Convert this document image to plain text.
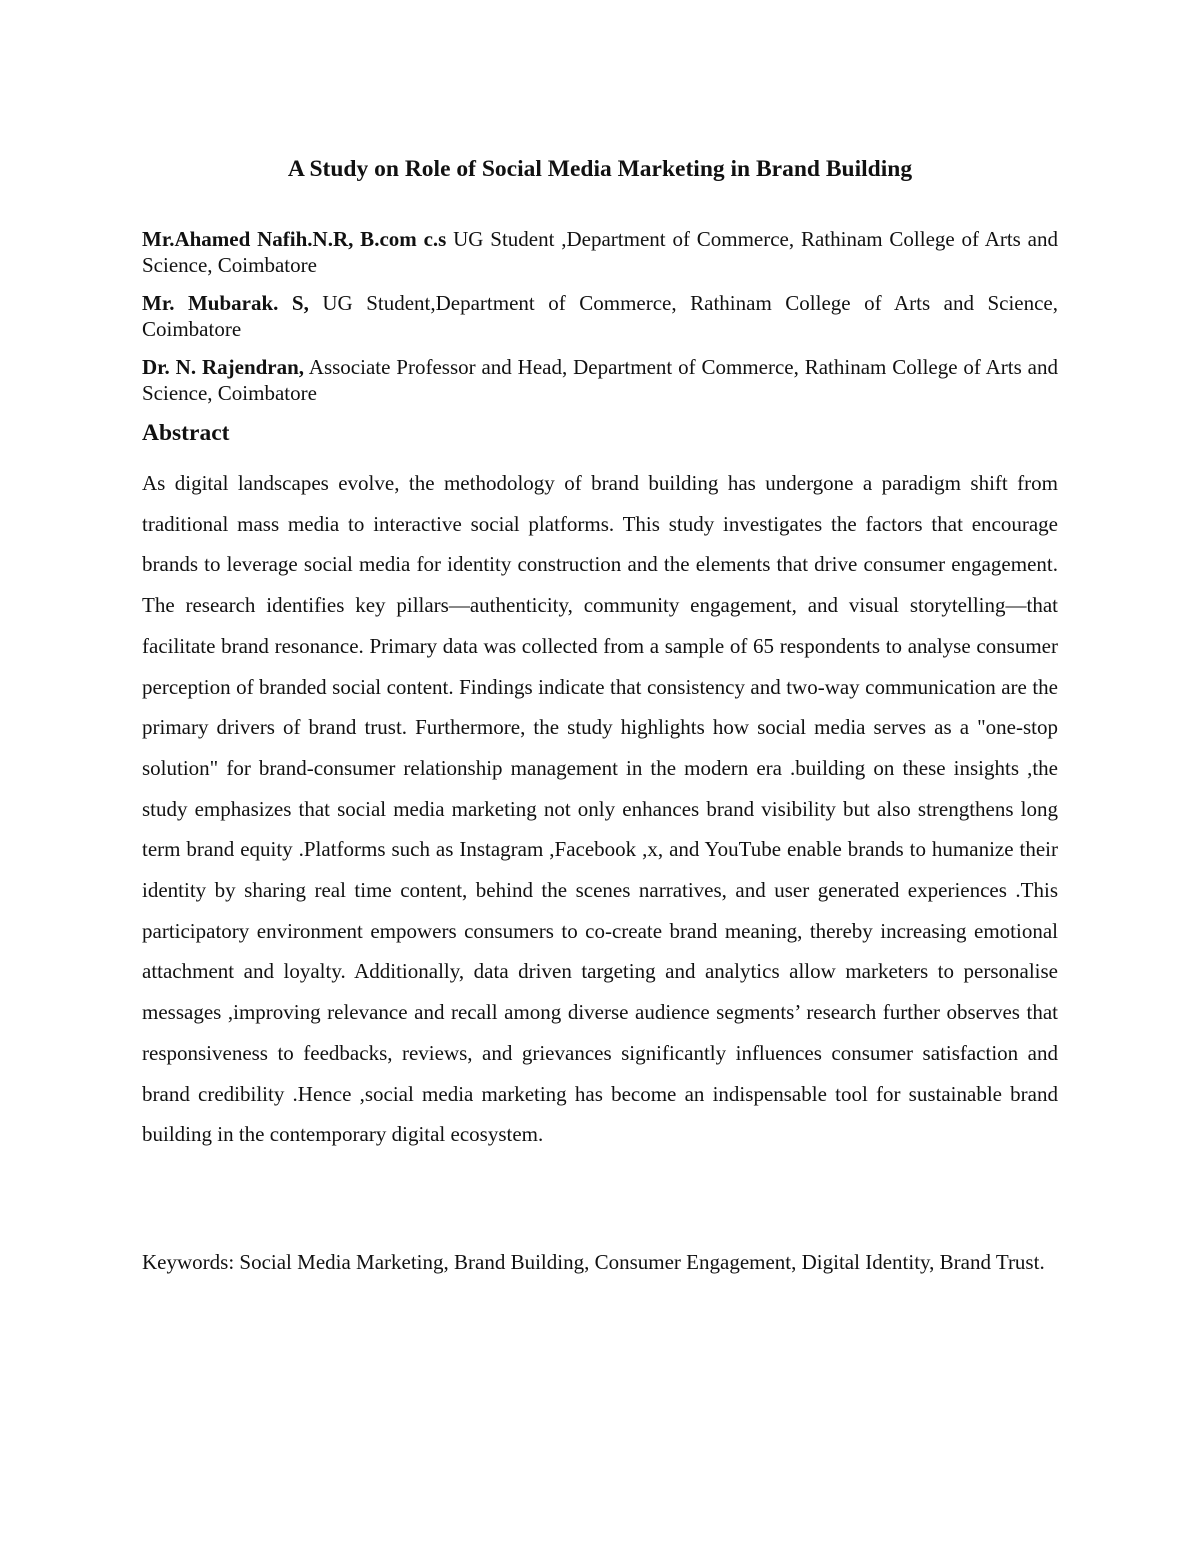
A Study on Role of Social Media Marketing in Brand Building

Mr.Ahamed Nafih.N.R, B.com c.s UG Student ,Department of Commerce, Rathinam College of Arts and Science, Coimbatore

Mr. Mubarak. S, UG Student,Department of Commerce, Rathinam College of Arts and Science, Coimbatore

Dr. N. Rajendran, Associate Professor and Head, Department of Commerce, Rathinam College of Arts and Science, Coimbatore

Abstract

As digital landscapes evolve, the methodology of brand building has undergone a paradigm shift from traditional mass media to interactive social platforms. This study investigates the factors that encourage brands to leverage social media for identity construction and the elements that drive consumer engagement. The research identifies key pillars—authenticity, community engagement, and visual storytelling—that facilitate brand resonance. Primary data was collected from a sample of 65 respondents to analyse consumer perception of branded social content. Findings indicate that consistency and two-way communication are the primary drivers of brand trust. Furthermore, the study highlights how social media serves as a "one-stop solution" for brand-consumer relationship management in the modern era .building on these insights ,the study emphasizes that social media marketing not only enhances brand visibility but also strengthens long term brand equity .Platforms such as Instagram ,Facebook ,x, and YouTube enable brands to humanize their identity by sharing real time content, behind the scenes narratives, and user generated experiences .This participatory environment empowers consumers to co-create brand meaning, thereby increasing emotional attachment and loyalty. Additionally, data driven targeting and analytics allow marketers to personalise messages ,improving relevance and recall among diverse audience segments’ research further observes that responsiveness to feedbacks, reviews, and grievances significantly influences consumer satisfaction and brand credibility .Hence ,social media marketing has become an indispensable tool for sustainable brand building in the contemporary digital ecosystem.

Keywords: Social Media Marketing, Brand Building, Consumer Engagement, Digital Identity, Brand Trust.
